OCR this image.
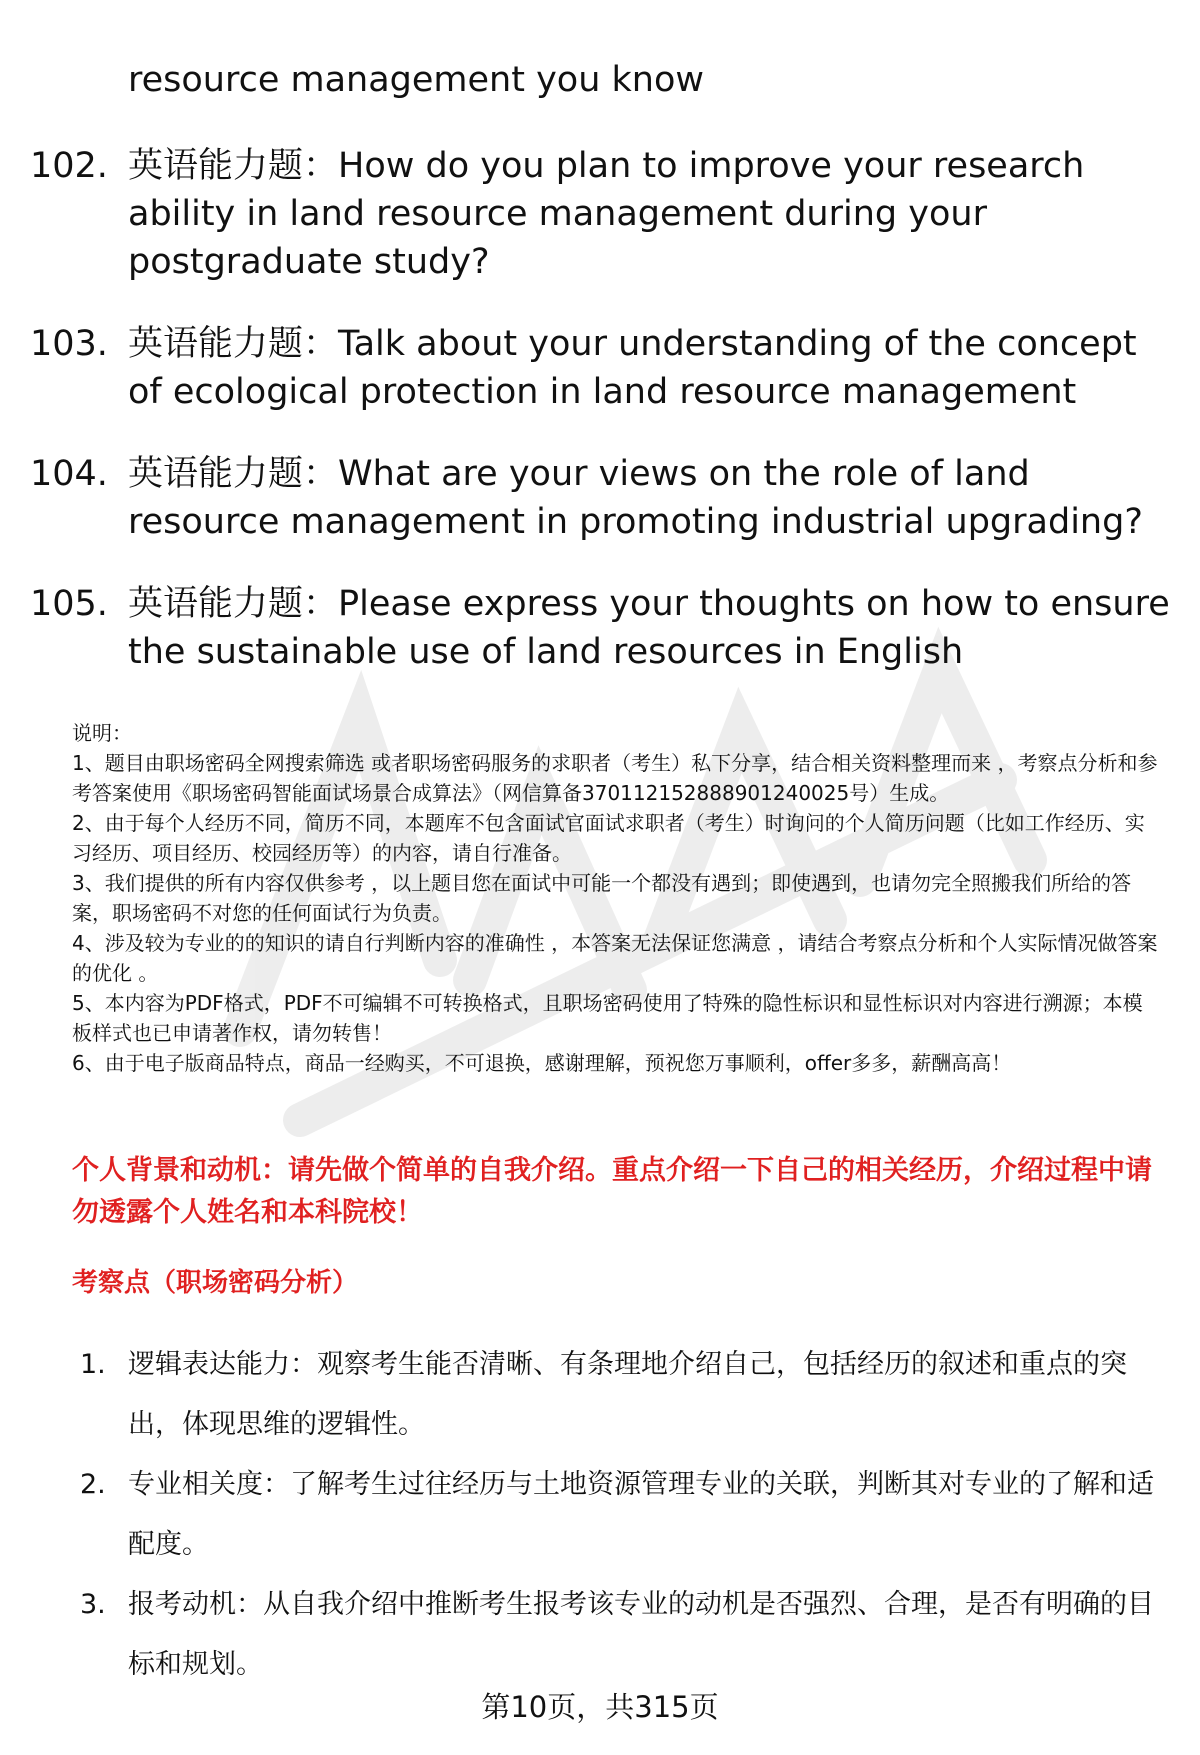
resource management you know
102. 英语能力题：How do you plan to improve your research ability in land resource management during your postgraduate study?
103. 英语能力题：Talk about your understanding of the concept of ecological protection in land resource management
104. 英语能力题：What are your views on the role of land resource management in promoting industrial upgrading?
105. 英语能力题：Please express your thoughts on how to ensure the sustainable use of land resources in English
说明：

1、题目由职场密码全网搜索筛选 或者职场密码服务的求职者（考生）私下分享，结合相关资料整理而来 ，考察点分析和参考答案使用《职场密码智能面试场景合成算法》（网信算备370112152888901240025号）生成。

2、由于每个人经历不同，简历不同，本题库不包含面试官面试求职者（考生）时询问的个人简历问题（比如工作经历、实习经历、项目经历、校园经历等）的内容，请自行准备。

3、我们提供的所有内容仅供参考 ，以上题目您在面试中可能一个都没有遇到；即使遇到，也请勿完全照搬我们所给的答案，职场密码不对您的任何面试行为负责。

4、涉及较为专业的的知识的请自行判断内容的准确性 ，本答案无法保证您满意 ，请结合考察点分析和个人实际情况做答案的优化 。

5、本内容为PDF格式，PDF不可编辑不可转换格式，且职场密码使用了特殊的隐性标识和显性标识对内容进行溯源；本模板样式也已申请著作权，请勿转售！

6、由于电子版商品特点，商品一经购买，不可退换，感谢理解，预祝您万事顺利，offer多多，薪酬高高！

个人背景和动机：请先做个简单的自我介绍。重点介绍一下自己的相关经历，介绍过程中请勿透露个人姓名和本科院校！
考察点（职场密码分析）
1. 逻辑表达能力：观察考生能否清晰、有条理地介绍自己，包括经历的叙述和重点的突出，体现思维的逻辑性。
2. 专业相关度：了解考生过往经历与土地资源管理专业的关联，判断其对专业的了解和适配度。
3. 报考动机：从自我介绍中推断考生报考该专业的动机是否强烈、合理，是否有明确的目标和规划。
第10页，共315页
